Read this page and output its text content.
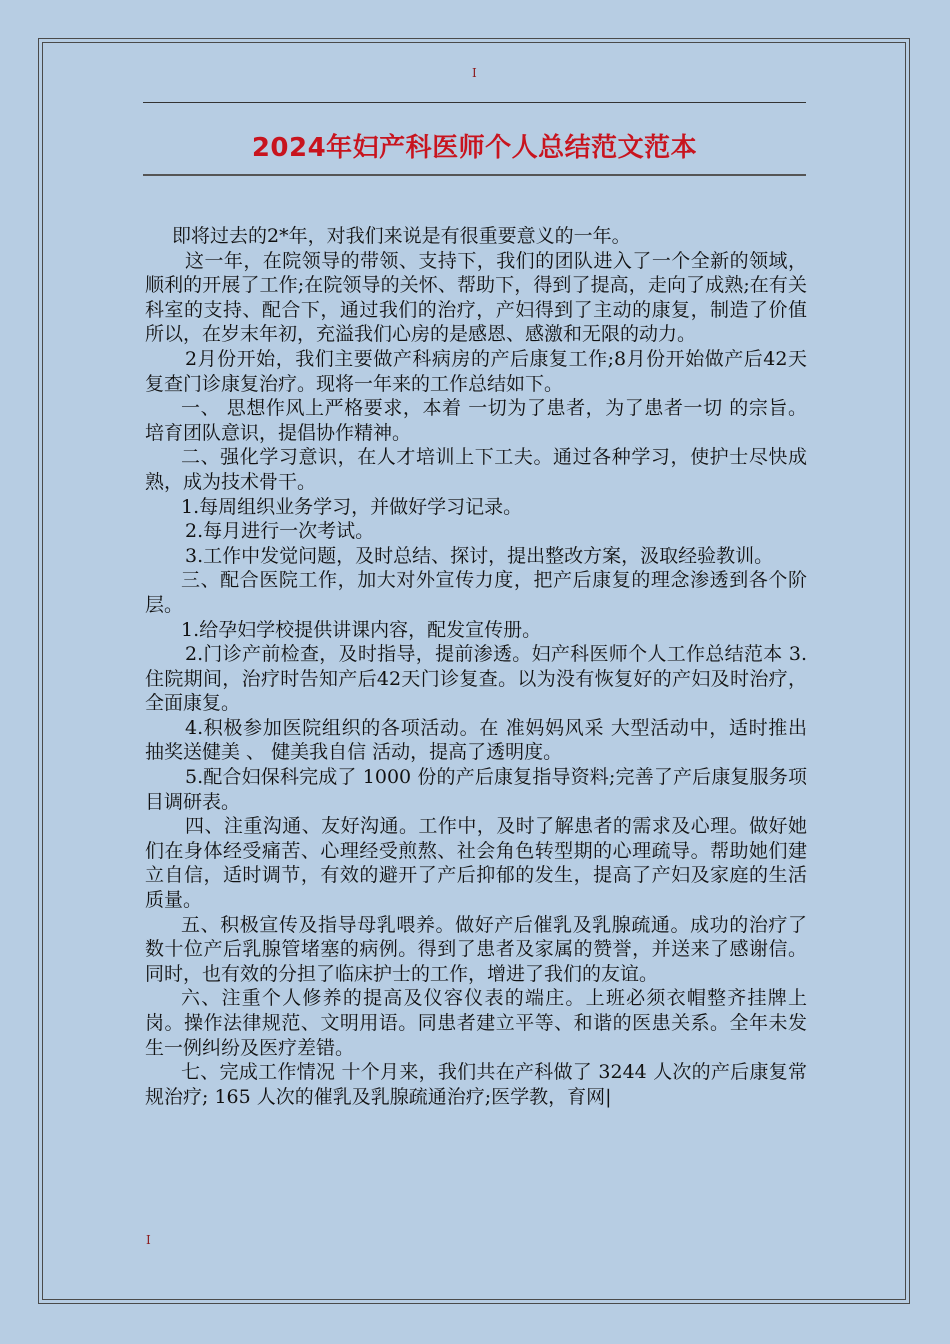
I
2024年妇产科医师个人总结范文范本

即将过去的2*年，对我们来说是有很重要意义的一年。

这一年，在院领导的带领、支持下，我们的团队进入了一个全新的领域，顺利的开展了工作;在院领导的关怀、帮助下，得到了提高，走向了成熟;在有关科室的支持、配合下，通过我们的治疗，产妇得到了主动的康复，制造了价值 所以，在岁末年初，充溢我们心房的是感恩、感激和无限的动力。

2月份开始，我们主要做产科病房的产后康复工作;8月份开始做产后42天复查门诊康复治疗。现将一年来的工作总结如下。

一、 思想作风上严格要求，本着 一切为了患者，为了患者一切 的宗旨。培育团队意识，提倡协作精神。

二、强化学习意识，在人才培训上下工夫。通过各种学习，使护士尽快成熟，成为技术骨干。

1.每周组织业务学习，并做好学习记录。

2.每月进行一次考试。

3.工作中发觉问题，及时总结、探讨，提出整改方案，汲取经验教训。

三、配合医院工作，加大对外宣传力度，把产后康复的理念渗透到各个阶层。

1.给孕妇学校提供讲课内容，配发宣传册。

2.门诊产前检查，及时指导，提前渗透。妇产科医师个人工作总结范本 3.住院期间，治疗时告知产后42天门诊复查。以为没有恢复好的产妇及时治疗，全面康复。

4.积极参加医院组织的各项活动。在 准妈妈风采 大型活动中，适时推出 抽奖送健美 、 健美我自信 活动，提高了透明度。

5.配合妇保科完成了 1000 份的产后康复指导资料;完善了产后康复服务项目调研表。

四、注重沟通、友好沟通。工作中，及时了解患者的需求及心理。做好她们在身体经受痛苦、心理经受煎熬、社会角色转型期的心理疏导。帮助她们建立自信，适时调节，有效的避开了产后抑郁的发生，提高了产妇及家庭的生活质量。

五、积极宣传及指导母乳喂养。做好产后催乳及乳腺疏通。成功的治疗了数十位产后乳腺管堵塞的病例。得到了患者及家属的赞誉，并送来了感谢信。同时，也有效的分担了临床护士的工作，增进了我们的友谊。

六、注重个人修养的提高及仪容仪表的端庄。上班必须衣帽整齐挂牌上岗。操作法律规范、文明用语。同患者建立平等、和谐的医患关系。全年未发生一例纠纷及医疗差错。

七、完成工作情况 十个月来，我们共在产科做了 3244 人次的产后康复常规治疗; 165 人次的催乳及乳腺疏通治疗;医学教，育网|

I
